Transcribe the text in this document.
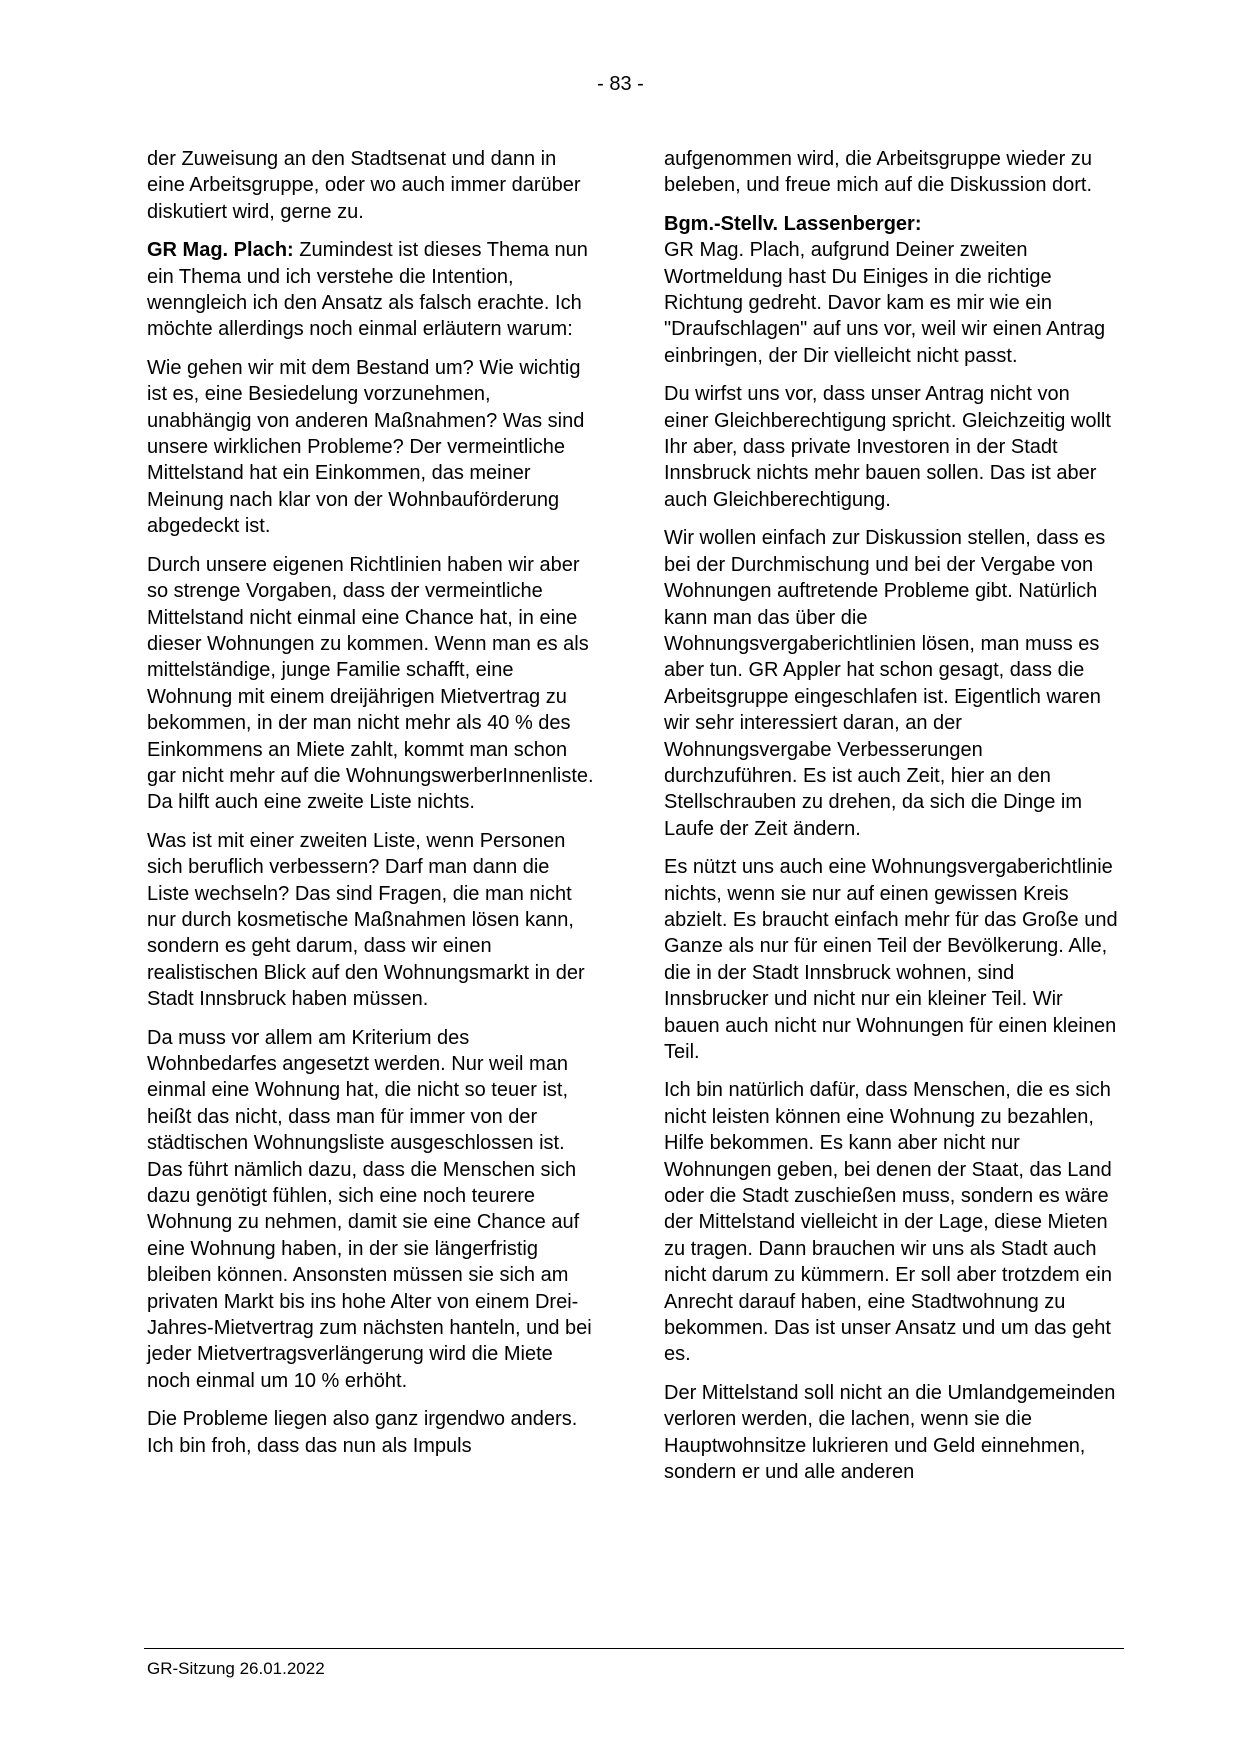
- 83 -

der Zuweisung an den Stadtsenat und dann in eine Arbeitsgruppe, oder wo auch immer darüber diskutiert wird, gerne zu.

GR Mag. Plach: Zumindest ist dieses Thema nun ein Thema und ich verstehe die Intention, wenngleich ich den Ansatz als falsch erachte. Ich möchte allerdings noch einmal erläutern warum:

Wie gehen wir mit dem Bestand um? Wie wichtig ist es, eine Besiedelung vorzunehmen, unabhängig von anderen Maßnahmen? Was sind unsere wirklichen Probleme? Der vermeintliche Mittelstand hat ein Einkommen, das meiner Meinung nach klar von der Wohnbauförderung abgedeckt ist.

Durch unsere eigenen Richtlinien haben wir aber so strenge Vorgaben, dass der vermeintliche Mittelstand nicht einmal eine Chance hat, in eine dieser Wohnungen zu kommen. Wenn man es als mittelständige, junge Familie schafft, eine Wohnung mit einem dreijährigen Mietvertrag zu bekommen, in der man nicht mehr als 40 % des Einkommens an Miete zahlt, kommt man schon gar nicht mehr auf die WohnungswerberInnenliste. Da hilft auch eine zweite Liste nichts.

Was ist mit einer zweiten Liste, wenn Personen sich beruflich verbessern? Darf man dann die Liste wechseln? Das sind Fragen, die man nicht nur durch kosmetische Maßnahmen lösen kann, sondern es geht darum, dass wir einen realistischen Blick auf den Wohnungsmarkt in der Stadt Innsbruck haben müssen.

Da muss vor allem am Kriterium des Wohnbedarfes angesetzt werden. Nur weil man einmal eine Wohnung hat, die nicht so teuer ist, heißt das nicht, dass man für immer von der städtischen Wohnungsliste ausgeschlossen ist. Das führt nämlich dazu, dass die Menschen sich dazu genötigt fühlen, sich eine noch teurere Wohnung zu nehmen, damit sie eine Chance auf eine Wohnung haben, in der sie längerfristig bleiben können. Ansonsten müssen sie sich am privaten Markt bis ins hohe Alter von einem Drei-Jahres-Mietvertrag zum nächsten hanteln, und bei jeder Mietvertragsverlängerung wird die Miete noch einmal um 10 % erhöht.

Die Probleme liegen also ganz irgendwo anders. Ich bin froh, dass das nun als Impuls

aufgenommen wird, die Arbeitsgruppe wieder zu beleben, und freue mich auf die Diskussion dort.

Bgm.-Stellv. Lassenberger:
GR Mag. Plach, aufgrund Deiner zweiten Wortmeldung hast Du Einiges in die richtige Richtung gedreht. Davor kam es mir wie ein "Draufschlagen" auf uns vor, weil wir einen Antrag einbringen, der Dir vielleicht nicht passt.

Du wirfst uns vor, dass unser Antrag nicht von einer Gleichberechtigung spricht. Gleichzeitig wollt Ihr aber, dass private Investoren in der Stadt Innsbruck nichts mehr bauen sollen. Das ist aber auch Gleichberechtigung.

Wir wollen einfach zur Diskussion stellen, dass es bei der Durchmischung und bei der Vergabe von Wohnungen auftretende Probleme gibt. Natürlich kann man das über die Wohnungsvergaberichtlinien lösen, man muss es aber tun. GR Appler hat schon gesagt, dass die Arbeitsgruppe eingeschlafen ist. Eigentlich waren wir sehr interessiert daran, an der Wohnungsvergabe Verbesserungen durchzuführen. Es ist auch Zeit, hier an den Stellschrauben zu drehen, da sich die Dinge im Laufe der Zeit ändern.

Es nützt uns auch eine Wohnungsvergaberichtlinie nichts, wenn sie nur auf einen gewissen Kreis abzielt. Es braucht einfach mehr für das Große und Ganze als nur für einen Teil der Bevölkerung. Alle, die in der Stadt Innsbruck wohnen, sind Innsbrucker und nicht nur ein kleiner Teil. Wir bauen auch nicht nur Wohnungen für einen kleinen Teil.

Ich bin natürlich dafür, dass Menschen, die es sich nicht leisten können eine Wohnung zu bezahlen, Hilfe bekommen. Es kann aber nicht nur Wohnungen geben, bei denen der Staat, das Land oder die Stadt zuschießen muss, sondern es wäre der Mittelstand vielleicht in der Lage, diese Mieten zu tragen. Dann brauchen wir uns als Stadt auch nicht darum zu kümmern. Er soll aber trotzdem ein Anrecht darauf haben, eine Stadtwohnung zu bekommen. Das ist unser Ansatz und um das geht es.

Der Mittelstand soll nicht an die Umlandgemeinden verloren werden, die lachen, wenn sie die Hauptwohnsitze lukrieren und Geld einnehmen, sondern er und alle anderen

GR-Sitzung 26.01.2022
